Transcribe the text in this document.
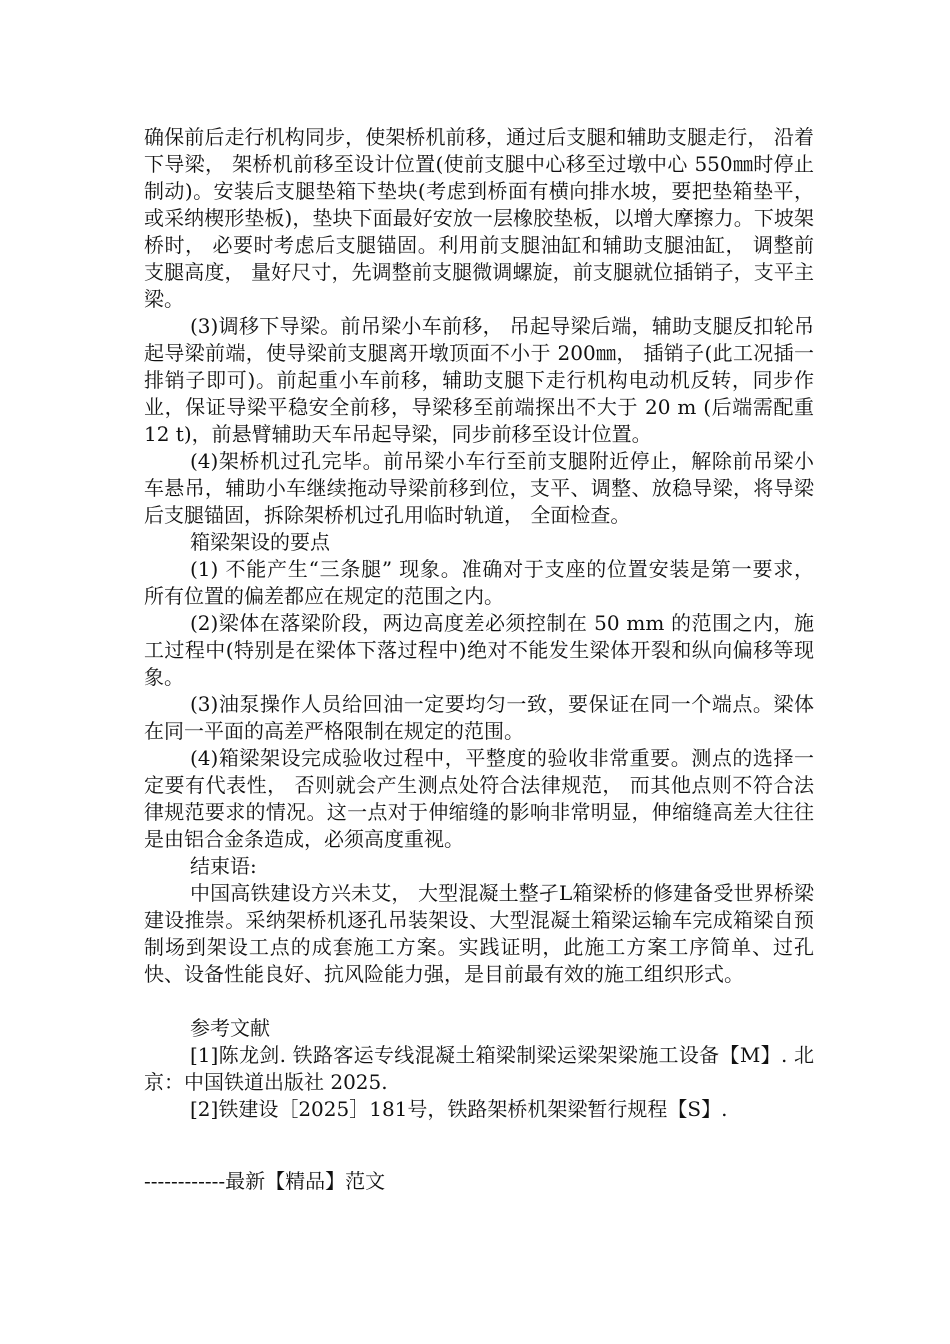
确保前后走行机构同步，使架桥机前移，通过后支腿和辅助支腿走行， 沿着下导梁， 架桥机前移至设计位置(使前支腿中心移至过墩中心 550㎜时停止制动)。安装后支腿垫箱下垫块(考虑到桥面有横向排水坡，要把垫箱垫平， 或采纳楔形垫板)，垫块下面最好安放一层橡胶垫板，以增大摩擦力。下坡架桥时， 必要时考虑后支腿锚固。利用前支腿油缸和辅助支腿油缸， 调整前支腿高度， 量好尺寸，先调整前支腿微调螺旋，前支腿就位插销子，支平主梁。

(3)调移下导梁。前吊梁小车前移， 吊起导梁后端，辅助支腿反扣轮吊起导梁前端，使导梁前支腿离开墩顶面不小于 200㎜， 插销子(此工况插一排销子即可)。前起重小车前移，辅助支腿下走行机构电动机反转，同步作业，保证导梁平稳安全前移，导梁移至前端探出不大于 20 m (后端需配重 12 t)，前悬臂辅助天车吊起导梁，同步前移至设计位置。

(4)架桥机过孔完毕。前吊梁小车行至前支腿附近停止，解除前吊梁小车悬吊，辅助小车继续拖动导梁前移到位，支平、调整、放稳导梁，将导梁后支腿锚固，拆除架桥机过孔用临时轨道， 全面检查。

箱梁架设的要点

(1) 不能产生“三条腿” 现象。准确对于支座的位置安装是第一要求， 所有位置的偏差都应在规定的范围之内。

(2)梁体在落梁阶段，两边高度差必须控制在 50 mm 的范围之内，施工过程中(特别是在梁体下落过程中)绝对不能发生梁体开裂和纵向偏移等现象。

(3)油泵操作人员给回油一定要均匀一致，要保证在同一个端点。梁体在同一平面的高差严格限制在规定的范围。

(4)箱梁架设完成验收过程中，平整度的验收非常重要。测点的选择一定要有代表性， 否则就会产生测点处符合法律规范， 而其他点则不符合法律规范要求的情况。这一点对于伸缩缝的影响非常明显，伸缩缝高差大往往是由铝合金条造成，必须高度重视。

结束语:

中国高铁建设方兴未艾， 大型混凝土整孑L箱梁桥的修建备受世界桥梁建设推崇。采纳架桥机逐孔吊装架设、大型混凝土箱梁运输车完成箱梁自预制场到架设工点的成套施工方案。实践证明，此施工方案工序简单、过孔快、设备性能良好、抗风险能力强，是目前最有效的施工组织形式。

参考文献

[1]陈龙剑. 铁路客运专线混凝土箱梁制梁运梁架梁施工设备【M】. 北京：中国铁道出版社 2025.

[2]铁建设［2025］181号，铁路架桥机架梁暂行规程【S】.

------------最新【精品】范文
